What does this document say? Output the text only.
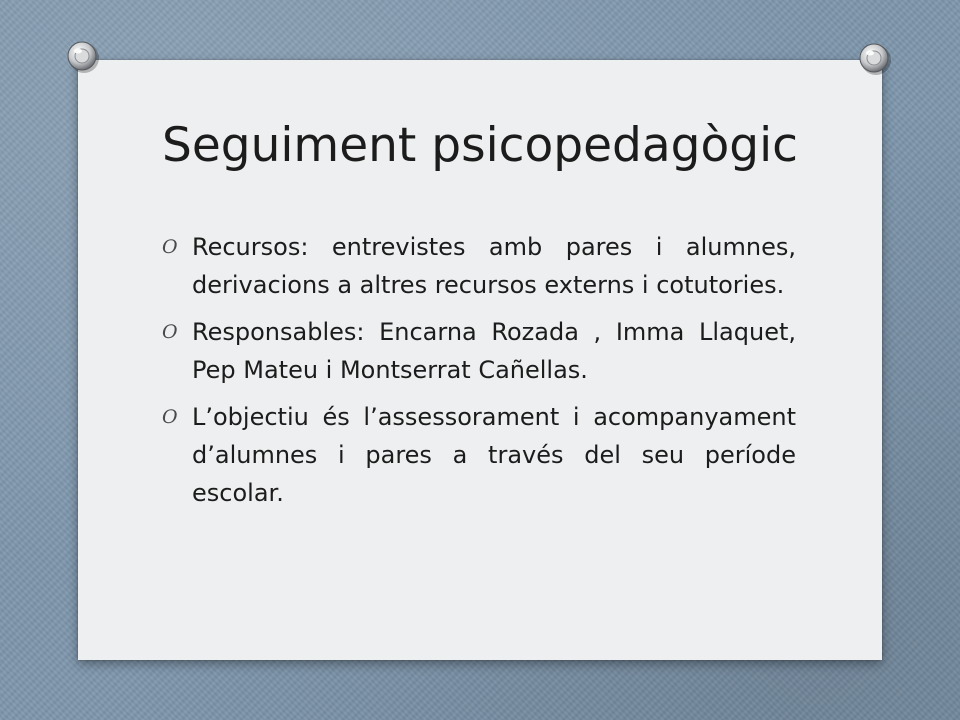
Seguiment psicopedagògic
O Recursos: entrevistes amb pares i alumnes, derivacions a altres recursos externs i cotutories.
O Responsables: Encarna Rozada , Imma Llaquet, Pep Mateu i Montserrat Cañellas.
O L’objectiu és l’assessorament i acompanyament d’alumnes i pares a través del seu període escolar.
